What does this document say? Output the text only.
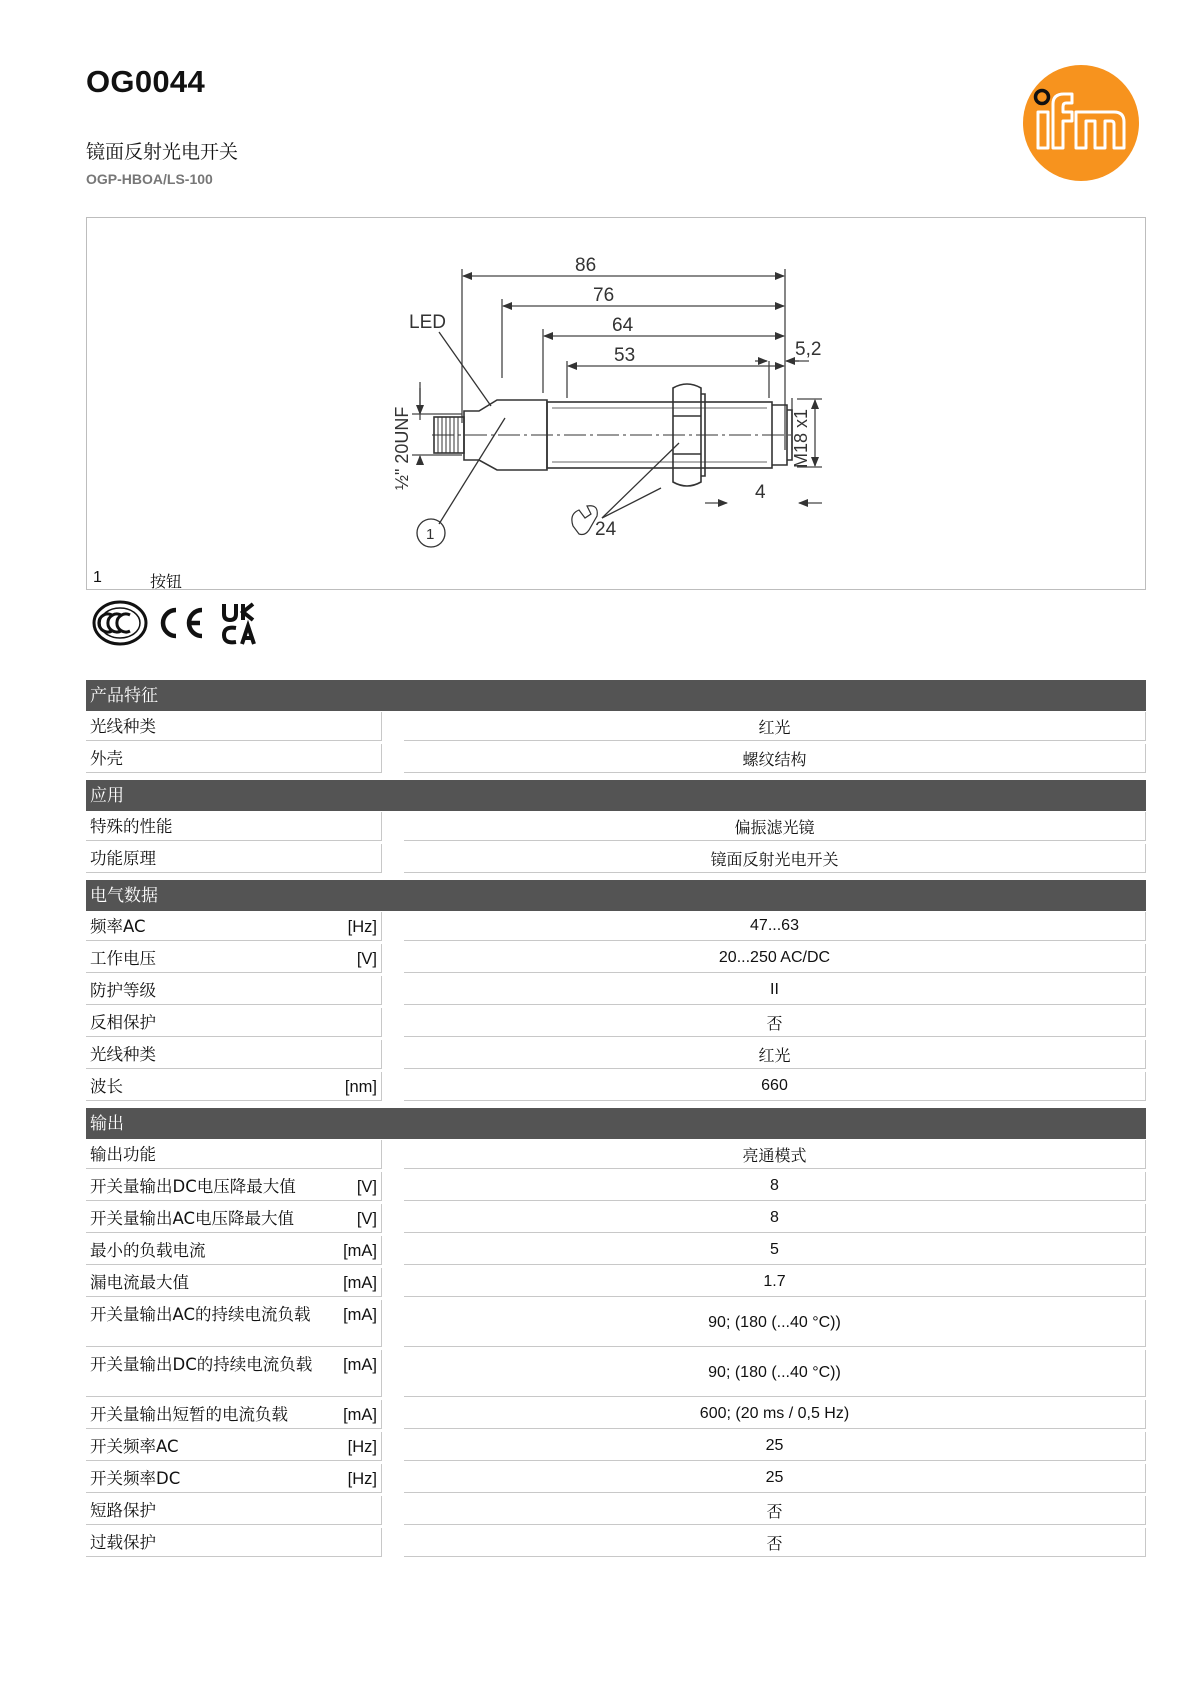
OG0044
镜面反射光电开关
OGP-HBOA/LS-100
86
76
64
53	5,2
4
LED
24
1
½" 20UNF	M18 x1
1	按钮
产品特征
光线种类	红光
外壳	螺纹结构
应用
特殊的性能	偏振滤光镜
功能原理	镜面反射光电开关
电气数据
频率AC	[Hz]	47...63
工作电压	[V]	20...250 AC/DC
防护等级	II
反相保护	否
光线种类	红光
波长	[nm]	660
输出
输出功能	亮通模式
开关量输出DC电压降最大值	[V]	8
开关量输出AC电压降最大值	[V]	8
最小的负载电流	[mA]	5
漏电流最大值	[mA]	1.7
开关量输出AC的持续电流负载	[mA]	90; (180 (...40 °C))
开关量输出DC的持续电流负载	[mA]	90; (180 (...40 °C))
开关量输出短暂的电流负载	[mA]	600; (20 ms / 0,5 Hz)
开关频率AC	[Hz]	25
开关频率DC	[Hz]	25
短路保护	否
过载保护	否
